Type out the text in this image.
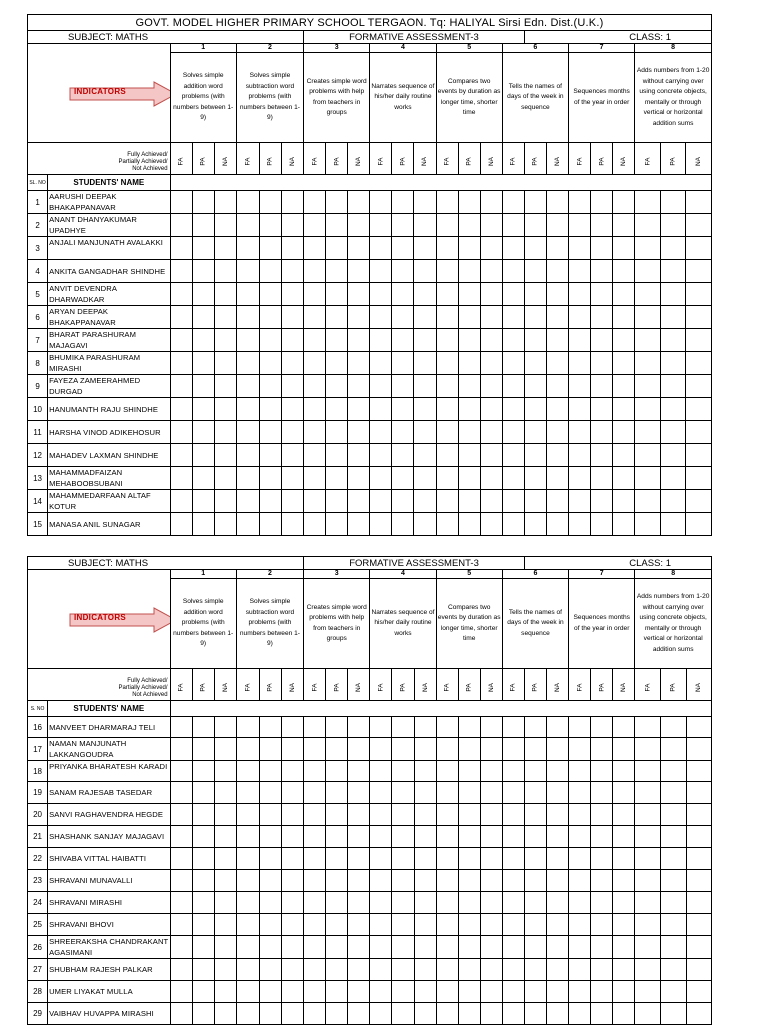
GOVT. MODEL HIGHER PRIMARY SCHOOL TERGAON. Tq: HALIYAL Sirsi Edn. Dist.(U.K.)																									
SUBJECT: MATHS								FORMATIVE ASSESSMENT-3										CLASS: 1							

INDICATORS		1			2			3			4			5			6			7			8		
		Solves simple addition word problems (with numbers between 1-9)			Solves simple subtraction word problems (with numbers between 1-9)			Creates simple word problems with help from teachers in groups			Narrates sequence of his/her daily routine works			Compares two events by duration as longer time, shorter time			Tells the names of days of the week in sequence			Sequences months of the year in order			Adds numbers from 1-20 without carrying over using concrete objects, mentally or through vertical or horizontal addition sums		

Fully Achieved/
Partially Achieved/
Not Achieved		FA	PA	NA	FA	PA	NA	FA	PA	NA	FA	PA	NA	FA	PA	NA	FA	PA	NA	FA	PA	NA	FA	PA	NA
SL. NO	STUDENTS' NAME																								
1	AARUSHI DEEPAK BHAKAPPANAVAR																								
2	ANANT DHANYAKUMAR UPADHYE																								
3	ANJALI MANJUNATH AVALAKKI																								
4	ANKITA GANGADHAR SHINDHE																								
5	ANVIT DEVENDRA DHARWADKAR																								
6	ARYAN DEEPAK BHAKAPPANAVAR																								
7	BHARAT PARASHURAM MAJAGAVI																								
8	BHUMIKA PARASHURAM MIRASHI																								
9	FAYEZA ZAMEERAHMED DURGAD																								
10	HANUMANTH RAJU SHINDHE																								
11	HARSHA VINOD ADIKEHOSUR																								
12	MAHADEV LAXMAN SHINDHE																								
13	MAHAMMADFAIZAN MEHABOOBSUBANI																								
14	MAHAMMEDARFAAN ALTAF KOTUR																								
15	MANASA ANIL SUNAGAR																								
SUBJECT: MATHS								FORMATIVE ASSESSMENT-3										CLASS: 1							

INDICATORS		1			2			3			4			5			6			7			8		
		Solves simple addition word problems (with numbers between 1-9)			Solves simple subtraction word problems (with numbers between 1-9)			Creates simple word problems with help from teachers in groups			Narrates sequence of his/her daily routine works			Compares two events by duration as longer time, shorter time			Tells the names of days of the week in sequence			Sequences months of the year in order			Adds numbers from 1-20 without carrying over using concrete objects, mentally or through vertical or horizontal addition sums		

Fully Achieved/
Partially Achieved/
Not Achieved		FA	PA	NA	FA	PA	NA	FA	PA	NA	FA	PA	NA	FA	PA	NA	FA	PA	NA	FA	PA	NA	FA	PA	NA
S. NO	STUDENTS' NAME																								
16	MANVEET DHARMARAJ TELI																								
17	NAMAN MANJUNATH LAKKANGOUDRA																								
18	PRIYANKA BHARATESH KARADI																								
19	SANAM RAJESAB TASEDAR																								
20	SANVI RAGHAVENDRA HEGDE																								
21	SHASHANK SANJAY MAJAGAVI																								
22	SHIVABA VITTAL HAIBATTI																								
23	SHRAVANI MUNAVALLI																								
24	SHRAVANI MIRASHI																								
25	SHRAVANI BHOVI																								
26	SHREERAKSHA CHANDRAKANT AGASIMANI																								
27	SHUBHAM RAJESH PALKAR																								
28	UMER LIYAKAT MULLA																								
29	VAIBHAV HUVAPPA MIRASHI																								
